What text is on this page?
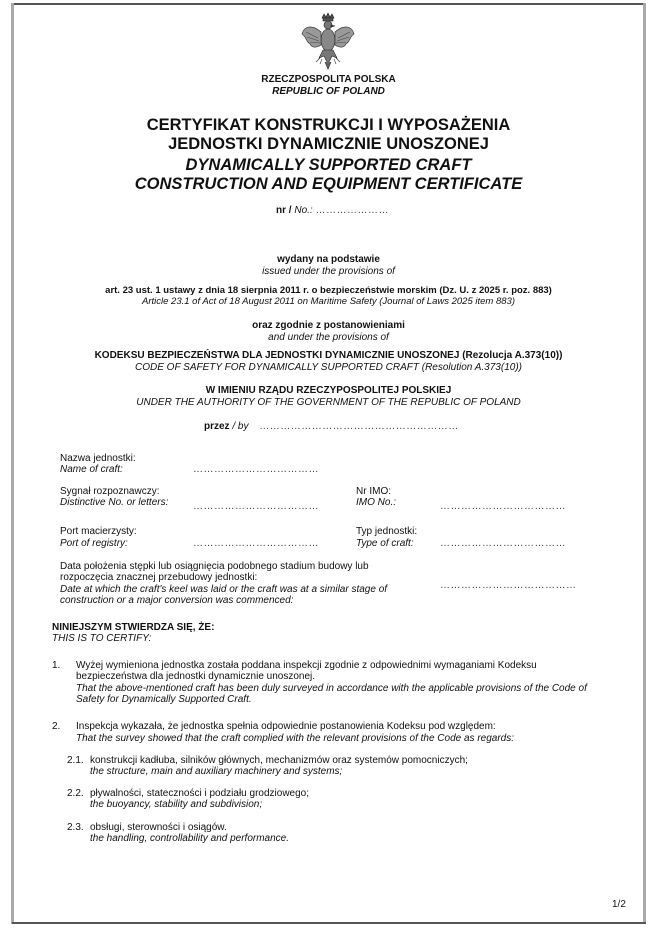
RZECZPOSPOLITA POLSKA
REPUBLIC OF POLAND
CERTYFIKAT KONSTRUKCJI I WYPOSAŻENIA
JEDNOSTKI DYNAMICZNIE UNOSZONEJ
DYNAMICALLY SUPPORTED CRAFT
CONSTRUCTION AND EQUIPMENT CERTIFICATE
nr / No.: …………………
wydany na podstawie
issued under the provisions of
art. 23 ust. 1 ustawy z dnia 18 sierpnia 2011 r. o bezpieczeństwie morskim (Dz. U. z 2025 r. poz. 883)
Article 23.1 of Act of 18 August 2011 on Maritime Safety (Journal of Laws 2025 item 883)
oraz zgodnie z postanowieniami
and under the provisions of
KODEKSU BEZPIECZEŃSTWA DLA JEDNOSTKI DYNAMICZNIE UNOSZONEJ (Rezolucja A.373(10))
CODE OF SAFETY FOR DYNAMICALLY SUPPORTED CRAFT (Resolution A.373(10))
W IMIENIU RZĄDU RZECZYPOSPOLITEJ POLSKIEJ
UNDER THE AUTHORITY OF THE GOVERNMENT OF THE REPUBLIC OF POLAND
przez / by …………………………………………………
Nazwa jednostki:
Name of craft:	………………………………
Sygnał rozpoznawczy:
Distinctive No. or letters: ………………………………
Nr IMO:
IMO No.:	………………………………
Port macierzysty:
Port of registry:	………………………………
Typ jednostki:
Type of craft:	………………………………
Data położenia stępki lub osiągnięcia podobnego stadium budowy lub
rozpoczęcia znacznej przebudowy jednostki:
Date at which the craft's keel was laid or the craft was at a similar stage of
construction or a major conversion was commenced:
…………………………………
NINIEJSZYM STWIERDZA SIĘ, ŻE:
THIS IS TO CERTIFY:
1. Wyżej wymieniona jednostka została poddana inspekcji zgodnie z odpowiednimi wymaganiami Kodeksu
bezpieczeństwa dla jednostki dynamicznie unoszonej.
That the above-mentioned craft has been duly surveyed in accordance with the applicable provisions of the Code of
Safety for Dynamically Supported Craft.
2. Inspekcja wykazała, że jednostka spełnia odpowiednie postanowienia Kodeksu pod względem:
That the survey showed that the craft complied with the relevant provisions of the Code as regards:
2.1. konstrukcji kadłuba, silników głównych, mechanizmów oraz systemów pomocniczych;
the structure, main and auxiliary machinery and systems;
2.2. pływalności, stateczności i podziału grodziowego;
the buoyancy, stability and subdivision;
2.3. obsługi, sterowności i osiągów.
the handling, controllability and performance.
1/2
